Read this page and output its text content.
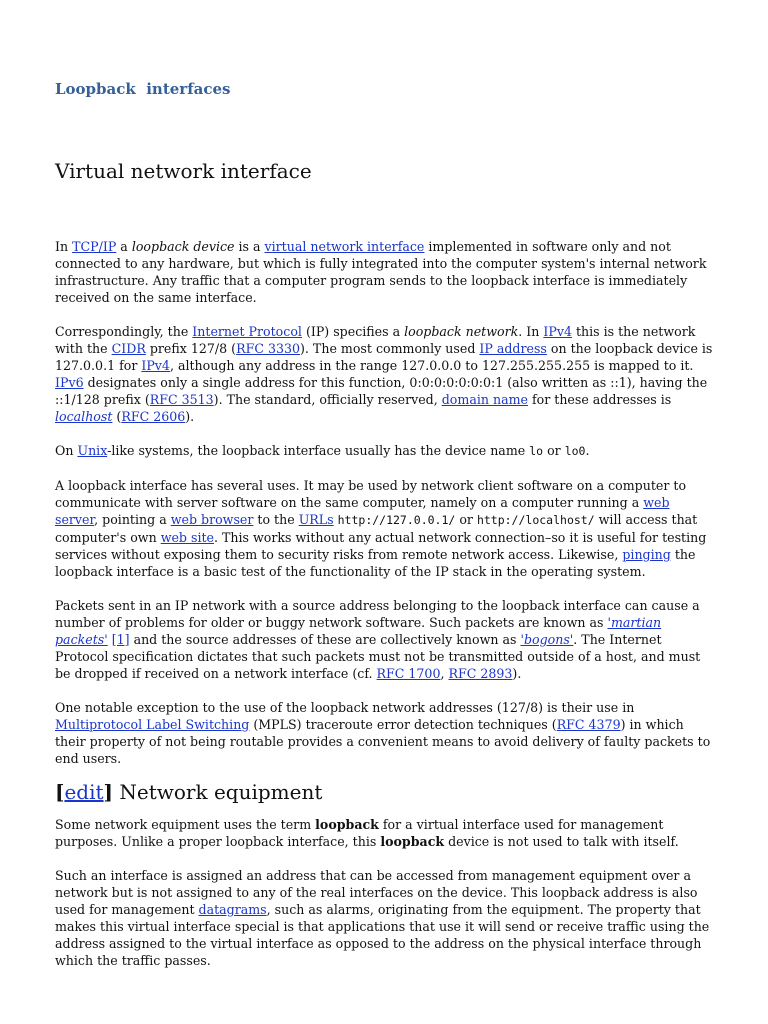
Loopback  interfaces
Virtual network interface

In TCP/IP a loopback device is a virtual network interface implemented in software only and not connected to any hardware, but which is fully integrated into the computer system's internal network infrastructure. Any traffic that a computer program sends to the loopback interface is immediately received on the same interface.

Correspondingly, the Internet Protocol (IP) specifies a loopback network. In IPv4 this is the network with the CIDR prefix 127/8 (RFC 3330). The most commonly used IP address on the loopback device is 127.0.0.1 for IPv4, although any address in the range 127.0.0.0 to 127.255.255.255 is mapped to it. IPv6 designates only a single address for this function, 0:0:0:0:0:0:0:1 (also written as ::1), having the ::1/128 prefix (RFC 3513). The standard, officially reserved, domain name for these addresses is localhost (RFC 2606).

On Unix-like systems, the loopback interface usually has the device name lo or lo0.

A loopback interface has several uses. It may be used by network client software on a computer to communicate with server software on the same computer, namely on a computer running a web server, pointing a web browser to the URLs http://127.0.0.1/ or http://localhost/ will access that computer's own web site. This works without any actual network connection–so it is useful for testing services without exposing them to security risks from remote network access. Likewise, pinging the loopback interface is a basic test of the functionality of the IP stack in the operating system.

Packets sent in an IP network with a source address belonging to the loopback interface can cause a number of problems for older or buggy network software. Such packets are known as 'martian packets' [1] and the source addresses of these are collectively known as 'bogons'. The Internet Protocol specification dictates that such packets must not be transmitted outside of a host, and must be dropped if received on a network interface (cf. RFC 1700, RFC 2893).

One notable exception to the use of the loopback network addresses (127/8) is their use in Multiprotocol Label Switching (MPLS) traceroute error detection techniques (RFC 4379) in which their property of not being routable provides a convenient means to avoid delivery of faulty packets to end users.

[edit] Network equipment

Some network equipment uses the term loopback for a virtual interface used for management purposes. Unlike a proper loopback interface, this loopback device is not used to talk with itself.

Such an interface is assigned an address that can be accessed from management equipment over a network but is not assigned to any of the real interfaces on the device. This loopback address is also used for management datagrams, such as alarms, originating from the equipment. The property that makes this virtual interface special is that applications that use it will send or receive traffic using the address assigned to the virtual interface as opposed to the address on the physical interface through which the traffic passes.
